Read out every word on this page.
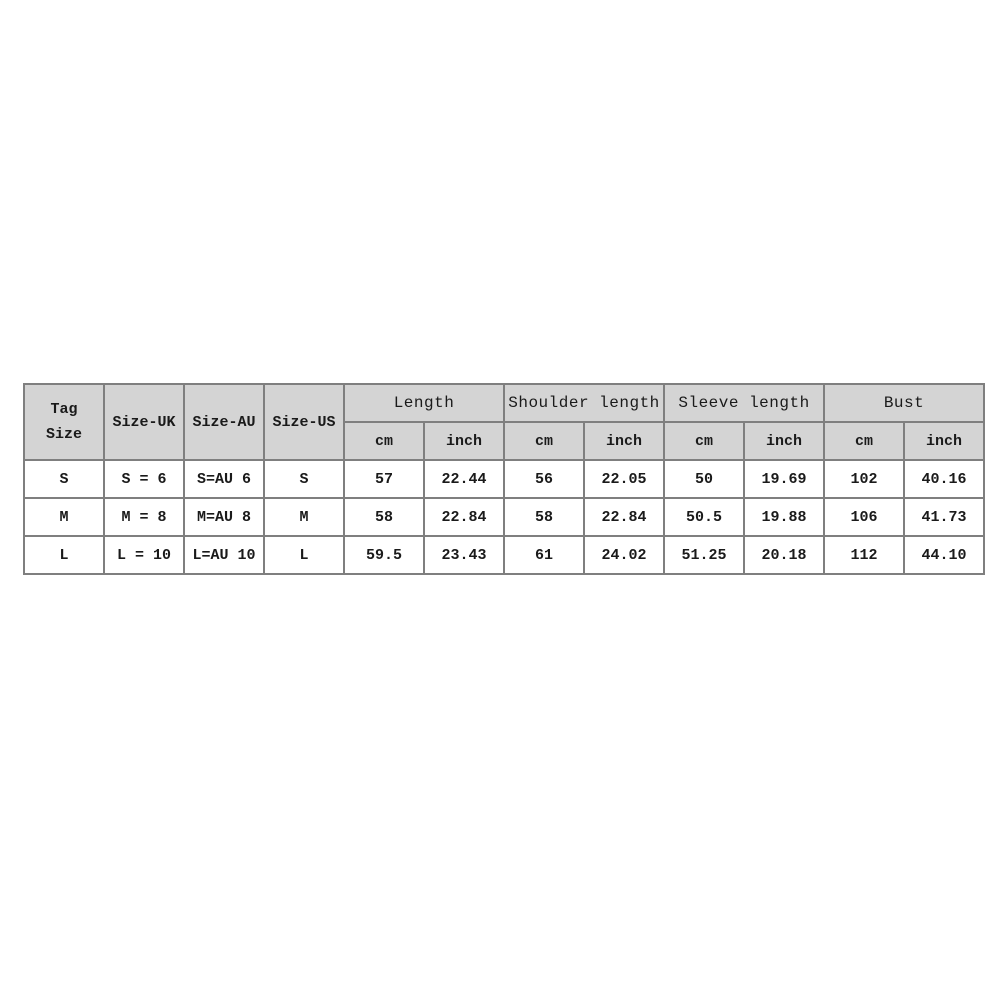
Tag
Size	Size-UK	Size-AU	Size-US	Length		Shoulder length		Sleeve length		Bust	
				cm	inch	cm	inch	cm	inch	cm	inch
S	S = 6	S=AU 6	S	57	22.44	56	22.05	50	19.69	102	40.16
M	M = 8	M=AU 8	M	58	22.84	58	22.84	50.5	19.88	106	41.73
L	L = 10	L=AU 10	L	59.5	23.43	61	24.02	51.25	20.18	112	44.10
